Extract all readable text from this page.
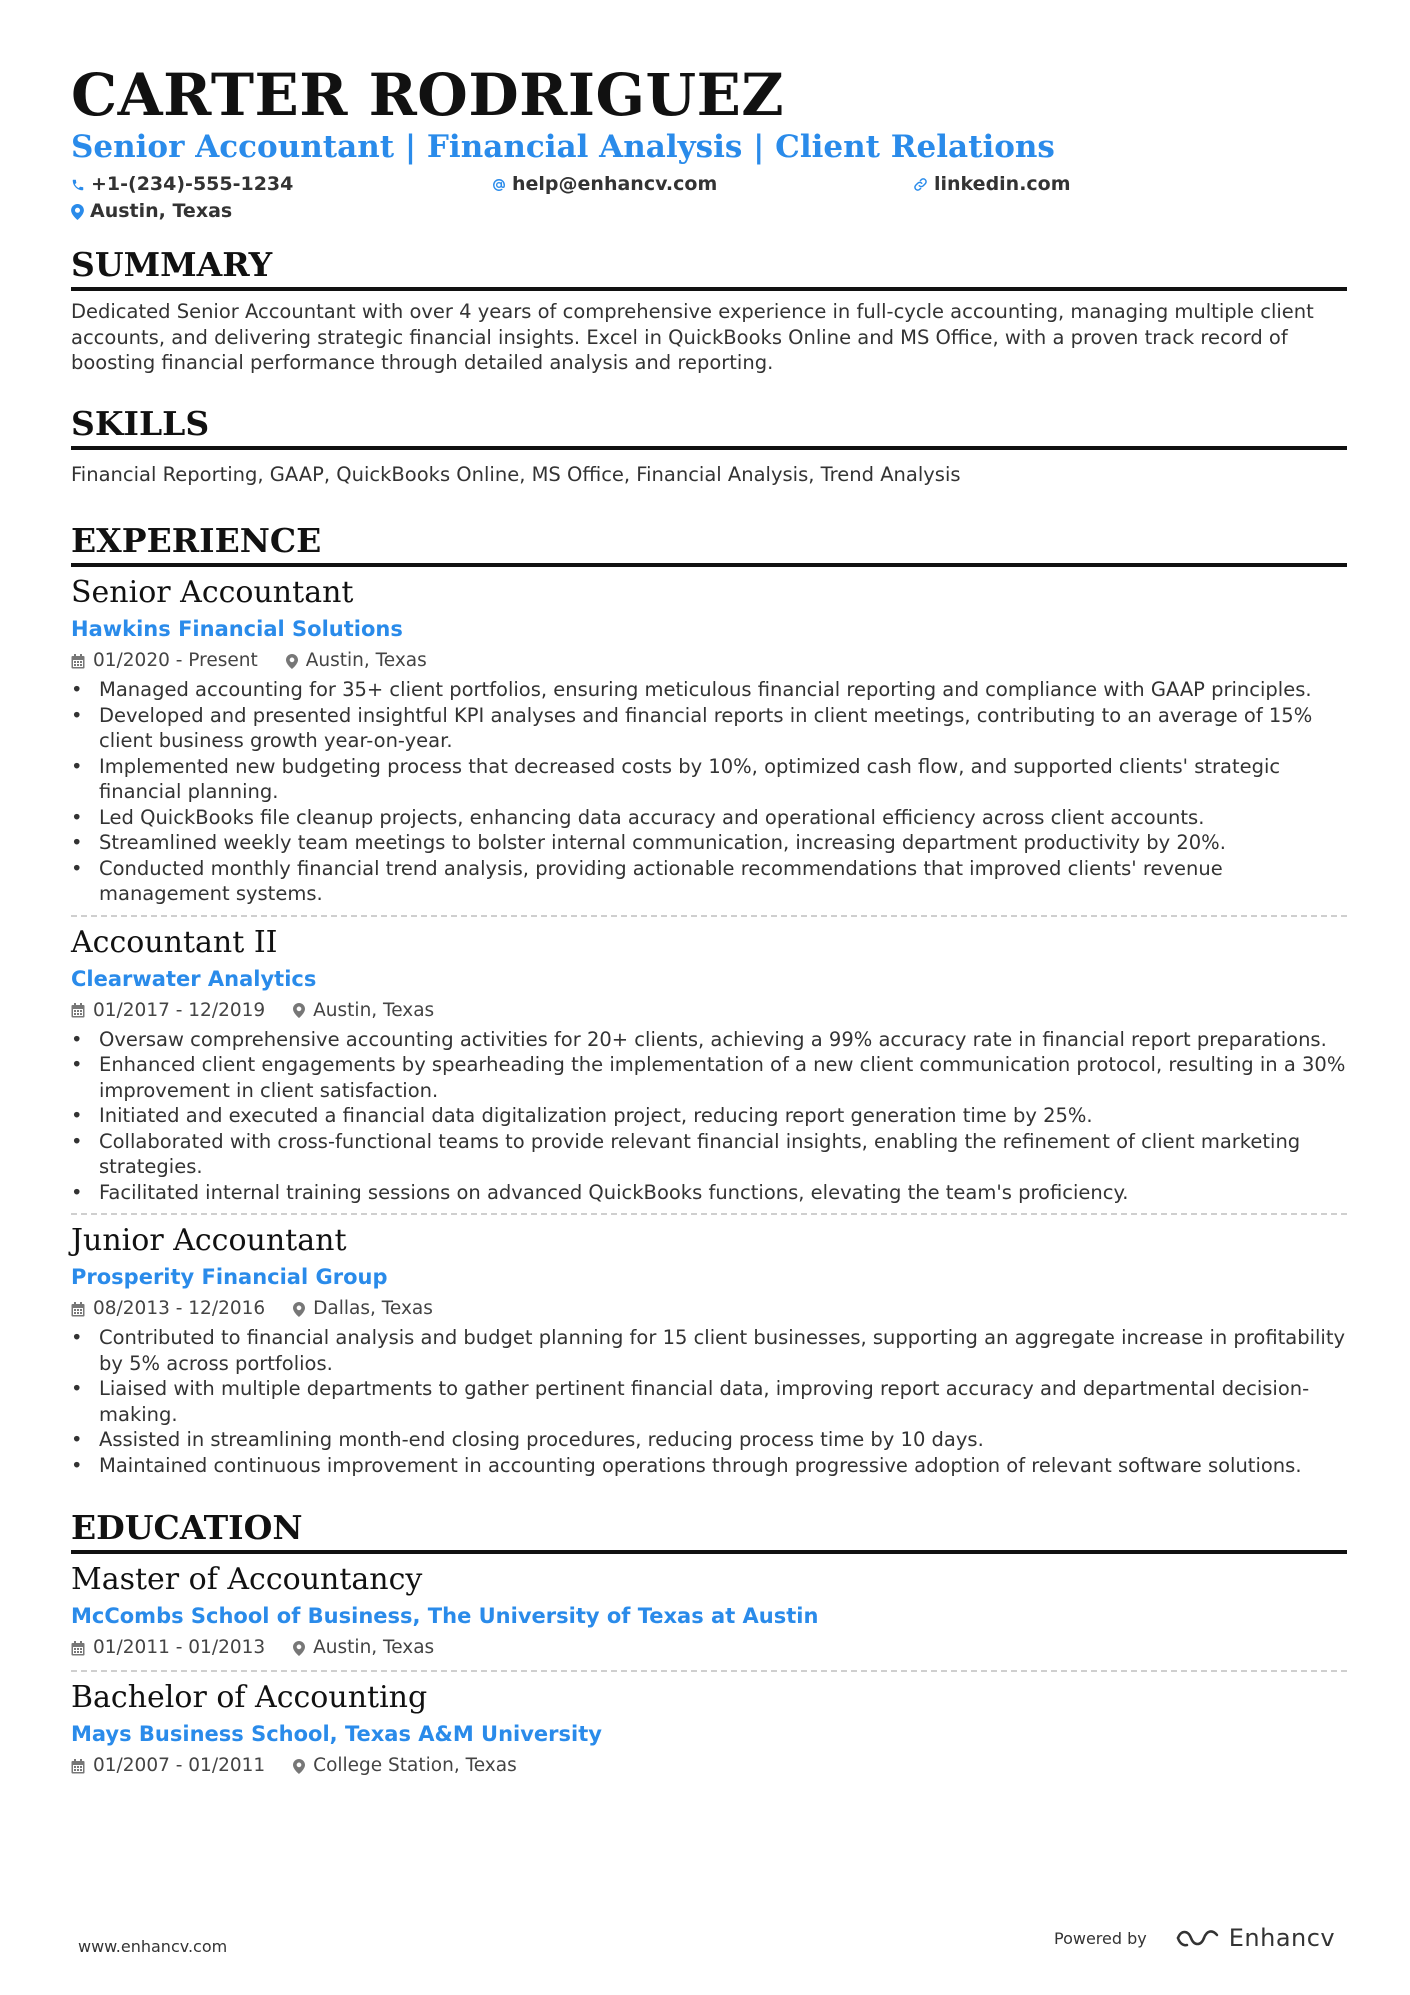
CARTER RODRIGUEZ
Senior Accountant | Financial Analysis | Client Relations
+1-(234)-555-1234	help@enhancv.com	linkedin.com
Austin, Texas
SUMMARY
Dedicated Senior Accountant with over 4 years of comprehensive experience in full-cycle accounting, managing multiple client accounts, and delivering strategic financial insights. Excel in QuickBooks Online and MS Office, with a proven track record of boosting financial performance through detailed analysis and reporting.
SKILLS
Financial Reporting, GAAP, QuickBooks Online, MS Office, Financial Analysis, Trend Analysis
EXPERIENCE
Senior Accountant
Hawkins Financial Solutions
01/2020 - Present	Austin, Texas
• Managed accounting for 35+ client portfolios, ensuring meticulous financial reporting and compliance with GAAP principles.
• Developed and presented insightful KPI analyses and financial reports in client meetings, contributing to an average of 15% client business growth year-on-year.
• Implemented new budgeting process that decreased costs by 10%, optimized cash flow, and supported clients' strategic financial planning.
• Led QuickBooks file cleanup projects, enhancing data accuracy and operational efficiency across client accounts.
• Streamlined weekly team meetings to bolster internal communication, increasing department productivity by 20%.
• Conducted monthly financial trend analysis, providing actionable recommendations that improved clients' revenue management systems.
Accountant II
Clearwater Analytics
01/2017 - 12/2019	Austin, Texas
• Oversaw comprehensive accounting activities for 20+ clients, achieving a 99% accuracy rate in financial report preparations.
• Enhanced client engagements by spearheading the implementation of a new client communication protocol, resulting in a 30% improvement in client satisfaction.
• Initiated and executed a financial data digitalization project, reducing report generation time by 25%.
• Collaborated with cross-functional teams to provide relevant financial insights, enabling the refinement of client marketing strategies.
• Facilitated internal training sessions on advanced QuickBooks functions, elevating the team's proficiency.
Junior Accountant
Prosperity Financial Group
08/2013 - 12/2016	Dallas, Texas
• Contributed to financial analysis and budget planning for 15 client businesses, supporting an aggregate increase in profitability by 5% across portfolios.
• Liaised with multiple departments to gather pertinent financial data, improving report accuracy and departmental decision-making.
• Assisted in streamlining month-end closing procedures, reducing process time by 10 days.
• Maintained continuous improvement in accounting operations through progressive adoption of relevant software solutions.
EDUCATION
Master of Accountancy
McCombs School of Business, The University of Texas at Austin
01/2011 - 01/2013	Austin, Texas
Bachelor of Accounting
Mays Business School, Texas A&M University
01/2007 - 01/2011	College Station, Texas
www.enhancv.com	Powered by	Enhancv
